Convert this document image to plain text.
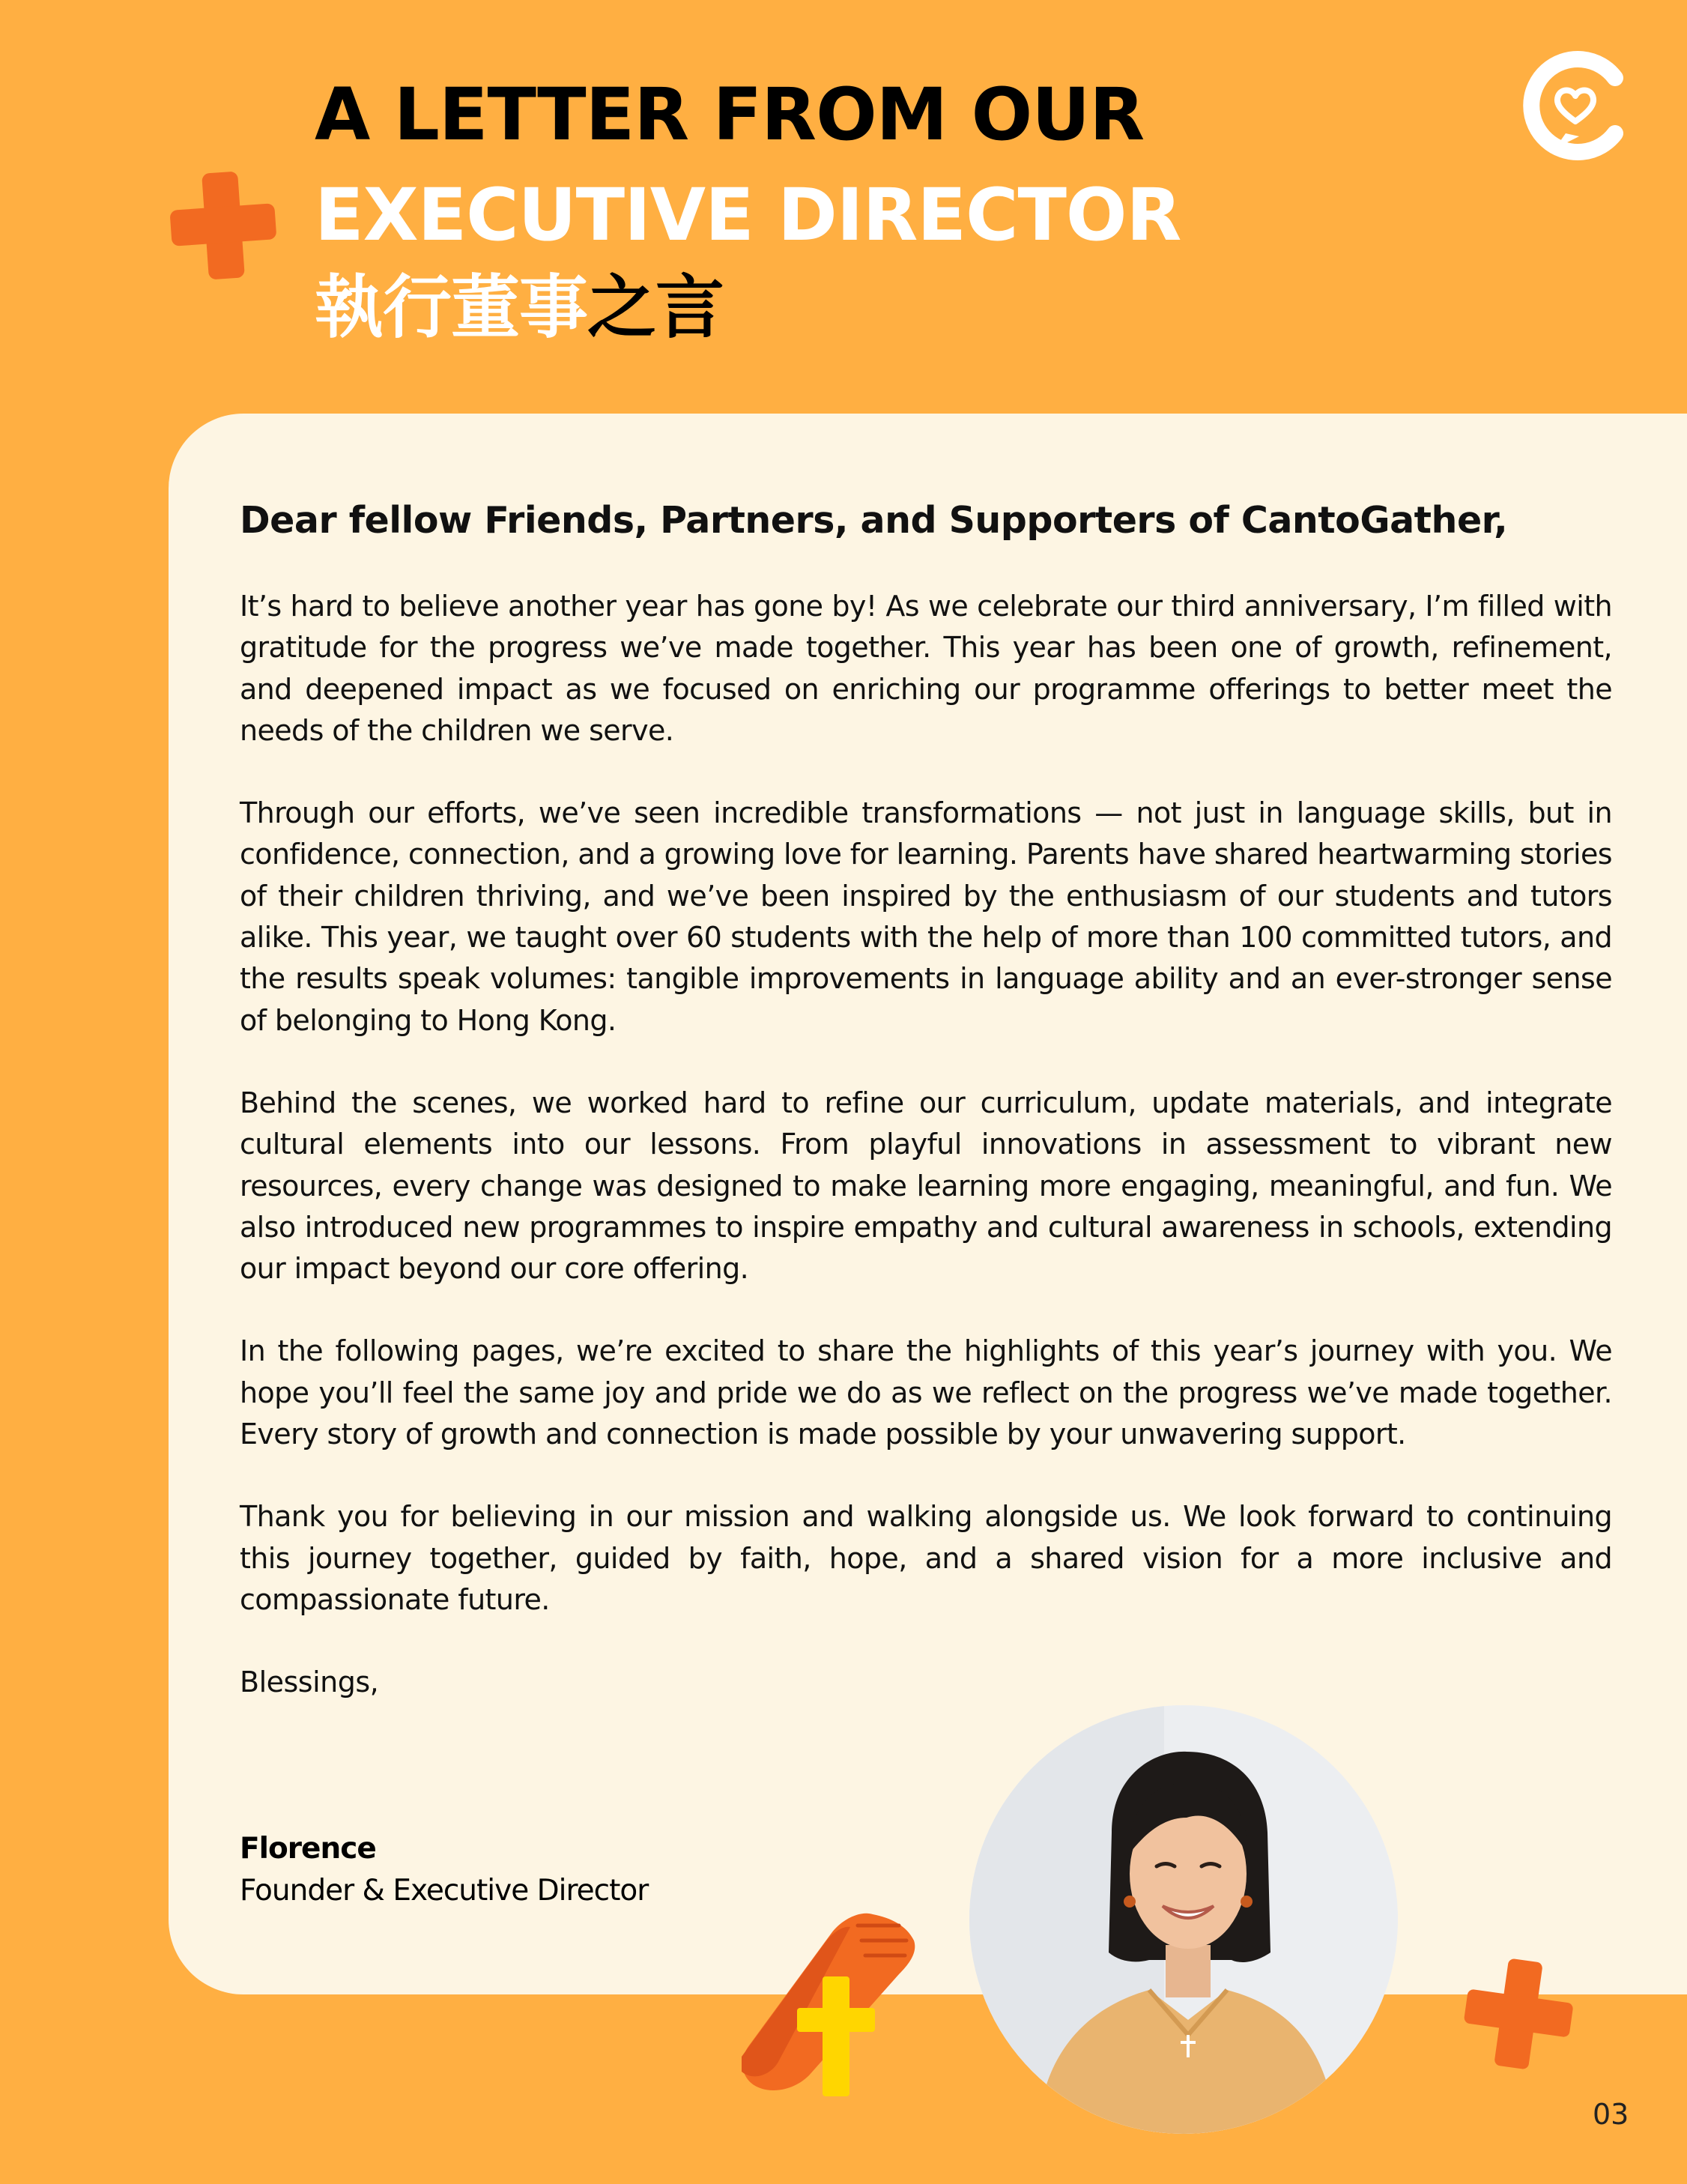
A LETTER FROM OUR
EXECUTIVE DIRECTOR
執行董事之言

Dear fellow Friends, Partners, and Supporters of CantoGather,

It’s hard to believe another year has gone by! As we celebrate our third anniversary, I’m filled with gratitude for the progress we’ve made together. This year has been one of growth, refinement, and deepened impact as we focused on enriching our programme offerings to better meet the needs of the children we serve.

Through our efforts, we’ve seen incredible transformations — not just in language skills, but in confidence, connection, and a growing love for learning. Parents have shared heartwarming stories of their children thriving, and we’ve been inspired by the enthusiasm of our students and tutors alike. This year, we taught over 60 students with the help of more than 100 committed tutors, and the results speak volumes: tangible improvements in language ability and an ever-stronger sense of belonging to Hong Kong.

Behind the scenes, we worked hard to refine our curriculum, update materials, and integrate cultural elements into our lessons. From playful innovations in assessment to vibrant new resources, every change was designed to make learning more engaging, meaningful, and fun. We also introduced new programmes to inspire empathy and cultural awareness in schools, extending our impact beyond our core offering.

In the following pages, we’re excited to share the highlights of this year’s journey with you. We hope you’ll feel the same joy and pride we do as we reflect on the progress we’ve made together. Every story of growth and connection is made possible by your unwavering support.

Thank you for believing in our mission and walking alongside us. We look forward to continuing this journey together, guided by faith, hope, and a shared vision for a more inclusive and compassionate future.

Blessings,

Florence
Founder & Executive Director
03
